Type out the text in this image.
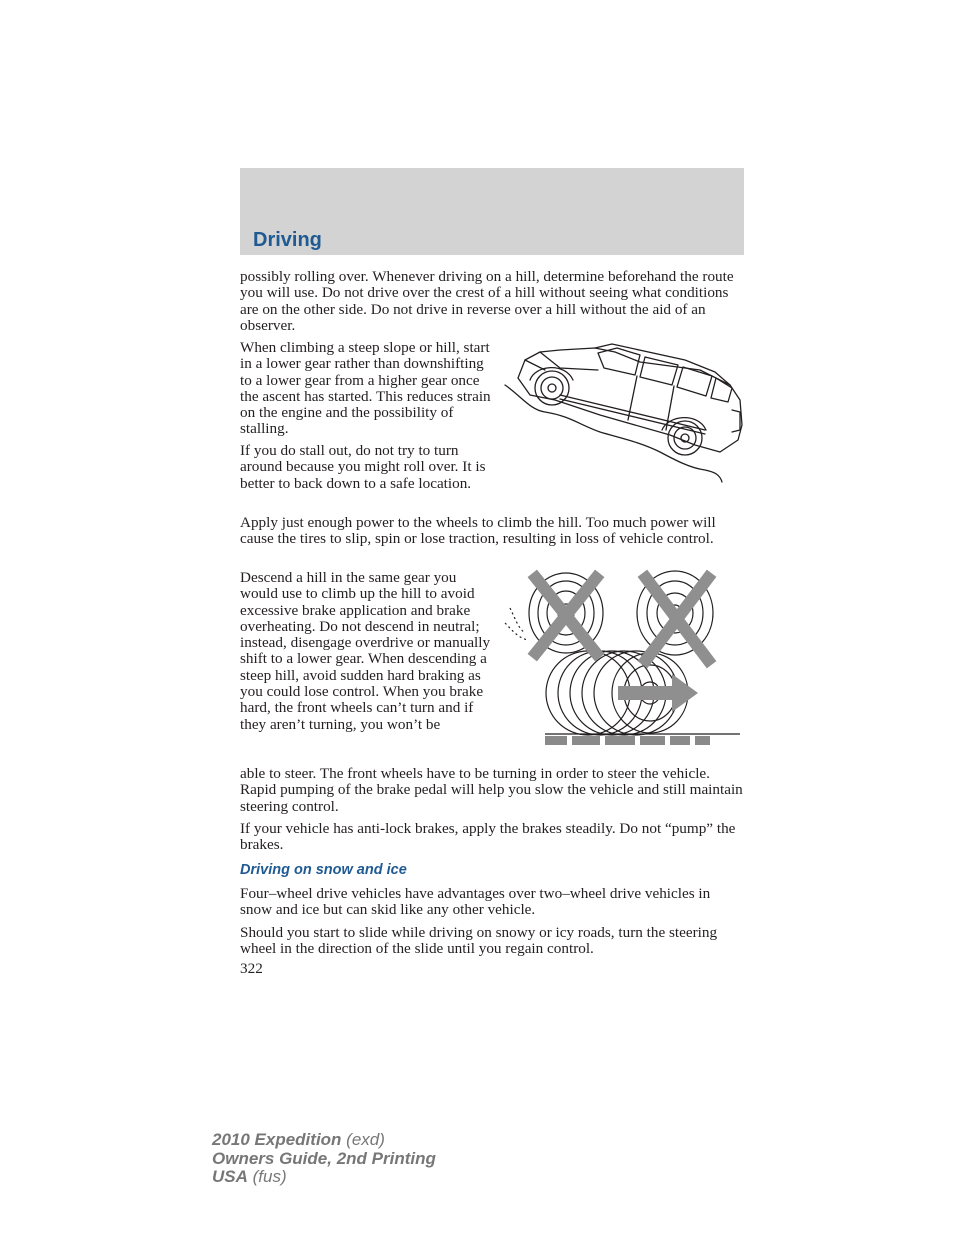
Driving
possibly rolling over. Whenever driving on a hill, determine beforehand the route you will use. Do not drive over the crest of a hill without seeing what conditions are on the other side. Do not drive in reverse over a hill without the aid of an observer.
When climbing a steep slope or hill, start in a lower gear rather than downshifting to a lower gear from a higher gear once the ascent has started. This reduces strain on the engine and the possibility of stalling.
If you do stall out, do not try to turn around because you might roll over. It is better to back down to a safe location.
Apply just enough power to the wheels to climb the hill. Too much power will cause the tires to slip, spin or lose traction, resulting in loss of vehicle control.
Descend a hill in the same gear you would use to climb up the hill to avoid excessive brake application and brake overheating. Do not descend in neutral; instead, disengage overdrive or manually shift to a lower gear. When descending a steep hill, avoid sudden hard braking as you could lose control. When you brake hard, the front wheels can’t turn and if they aren’t turning, you won’t be
able to steer. The front wheels have to be turning in order to steer the vehicle. Rapid pumping of the brake pedal will help you slow the vehicle and still maintain steering control.
If your vehicle has anti-lock brakes, apply the brakes steadily. Do not “pump” the brakes.
Driving on snow and ice
Four–wheel drive vehicles have advantages over two–wheel drive vehicles in snow and ice but can skid like any other vehicle.
Should you start to slide while driving on snowy or icy roads, turn the steering wheel in the direction of the slide until you regain control.
322
2010 Expedition (exd)
Owners Guide, 2nd Printing
USA (fus)
